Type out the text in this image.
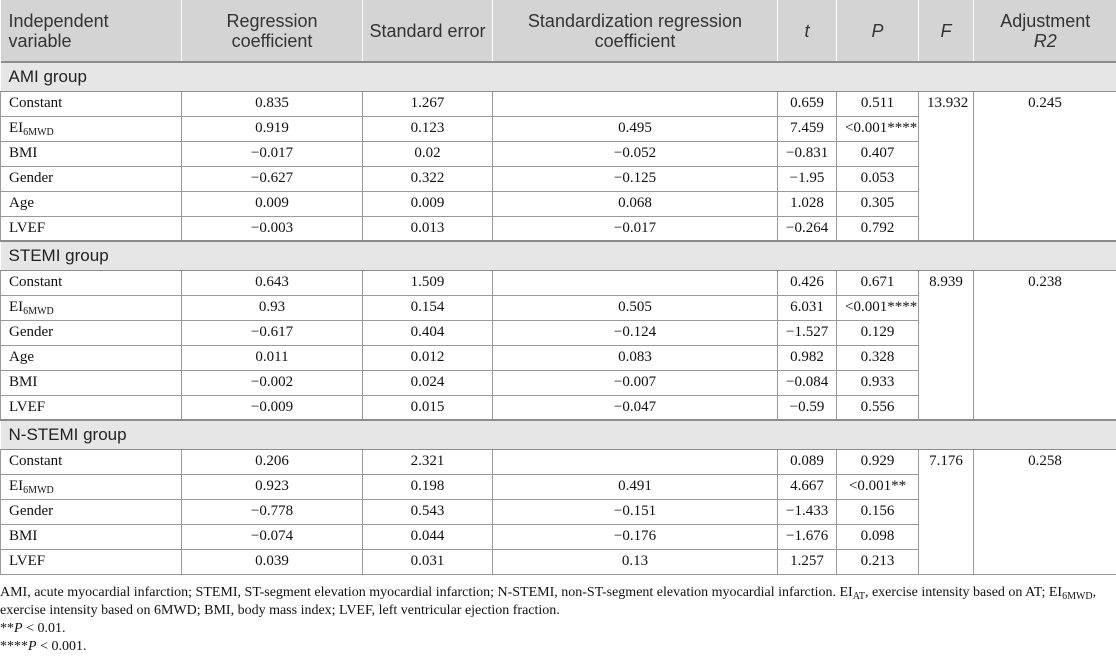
Independent variable	Regression coefficient	Standard error	Standardization regression coefficient	t	P	F	Adjustment
R2
AMI group							
Constant	0.835	1.267		0.659	0.511	13.932	0.245
$EI_{6MWD}$	0.919	0.123	0.495	7.459	<0.001****		
BMI	−0.017	0.02	−0.052	−0.831	0.407		
Gender	−0.627	0.322	−0.125	−1.95	0.053		
Age	0.009	0.009	0.068	1.028	0.305		
LVEF	−0.003	0.013	−0.017	−0.264	0.792		
STEMI group							
Constant	0.643	1.509		0.426	0.671	8.939	0.238
$EI_{6MWD}$	0.93	0.154	0.505	6.031	<0.001****		
Gender	−0.617	0.404	−0.124	−1.527	0.129		
Age	0.011	0.012	0.083	0.982	0.328		
BMI	−0.002	0.024	−0.007	−0.084	0.933		
LVEF	−0.009	0.015	−0.047	−0.59	0.556		
N-STEMI group							
Constant	0.206	2.321		0.089	0.929	7.176	0.258
$EI_{6MWD}$	0.923	0.198	0.491	4.667	<0.001**		
Gender	−0.778	0.543	−0.151	−1.433	0.156		
BMI	−0.074	0.044	−0.176	−1.676	0.098		
LVEF	0.039	0.031	0.13	1.257	0.213		

AMI, acute myocardial infarction; STEMI, ST-segment elevation myocardial infarction; N-STEMI, non-ST-segment elevation myocardial infarction. $EI_{AT}$, exercise intensity based on AT; $EI_{6MWD}$, exercise intensity based on 6MWD; BMI, body mass index; LVEF, left ventricular ejection fraction.

**P < 0.01.

****P < 0.001.
